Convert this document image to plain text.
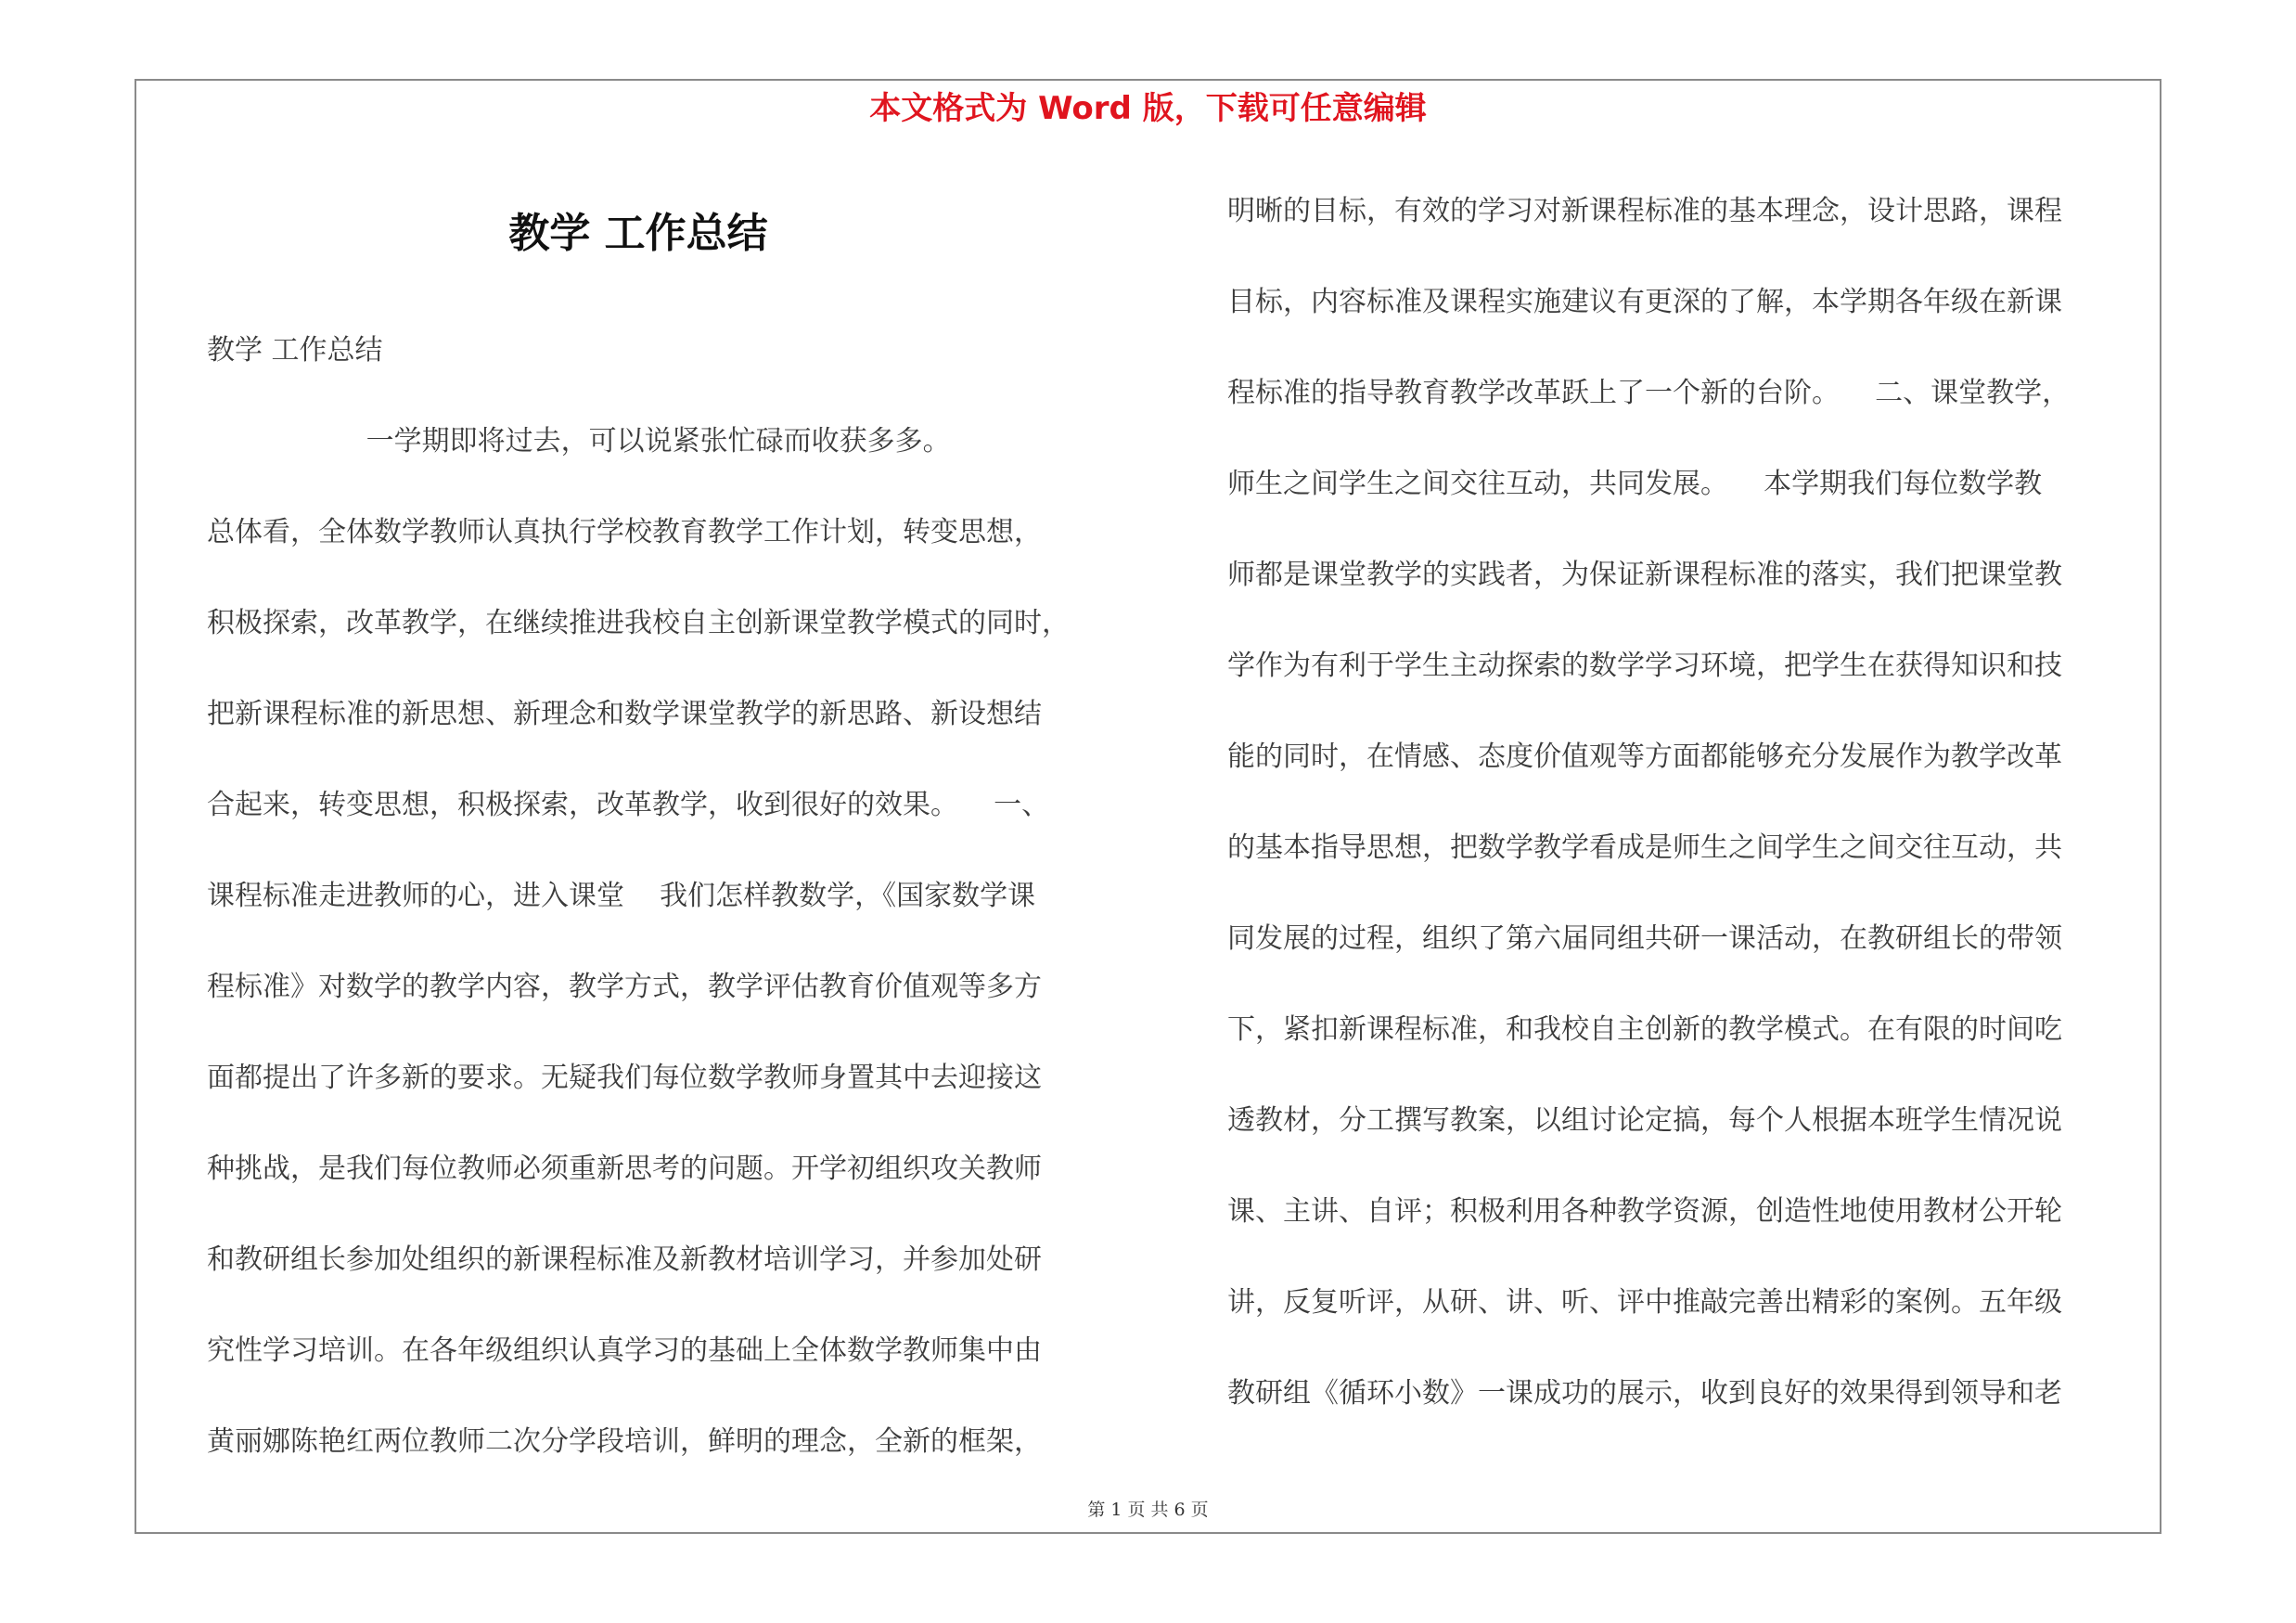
本文格式为 Word 版，下载可任意编辑
教学 工作总结
教学 工作总结
一学期即将过去，可以说紧张忙碌而收获多多。
总体看，全体数学教师认真执行学校教育教学工作计划，转变思想，
积极探索，改革教学，在继续推进我校自主创新课堂教学模式的同时，
把新课程标准的新思想、新理念和数学课堂教学的新思路、新设想结
合起来，转变思想，积极探索，改革教学，收到很好的效果。    一、
课程标准走进教师的心，进入课堂    我们怎样教数学，《国家数学课
程标准》对数学的教学内容，教学方式，教学评估教育价值观等多方
面都提出了许多新的要求。无疑我们每位数学教师身置其中去迎接这
种挑战，是我们每位教师必须重新思考的问题。开学初组织攻关教师
和教研组长参加处组织的新课程标准及新教材培训学习，并参加处研
究性学习培训。在各年级组织认真学习的基础上全体数学教师集中由
黄丽娜陈艳红两位教师二次分学段培训，鲜明的理念，全新的框架，
明晰的目标，有效的学习对新课程标准的基本理念，设计思路，课程
目标，内容标准及课程实施建议有更深的了解，本学期各年级在新课
程标准的指导教育教学改革跃上了一个新的台阶。    二、课堂教学，
师生之间学生之间交往互动，共同发展。    本学期我们每位数学教
师都是课堂教学的实践者，为保证新课程标准的落实，我们把课堂教
学作为有利于学生主动探索的数学学习环境，把学生在获得知识和技
能的同时，在情感、态度价值观等方面都能够充分发展作为教学改革
的基本指导思想，把数学教学看成是师生之间学生之间交往互动，共
同发展的过程，组织了第六届同组共研一课活动，在教研组长的带领
下，紧扣新课程标准，和我校自主创新的教学模式。在有限的时间吃
透教材，分工撰写教案，以组讨论定搞，每个人根据本班学生情况说
课、主讲、自评；积极利用各种教学资源，创造性地使用教材公开轮
讲，反复听评，从研、讲、听、评中推敲完善出精彩的案例。五年级
教研组《循环小数》一课成功的展示，收到良好的效果得到领导和老
第 1 页 共 6 页
